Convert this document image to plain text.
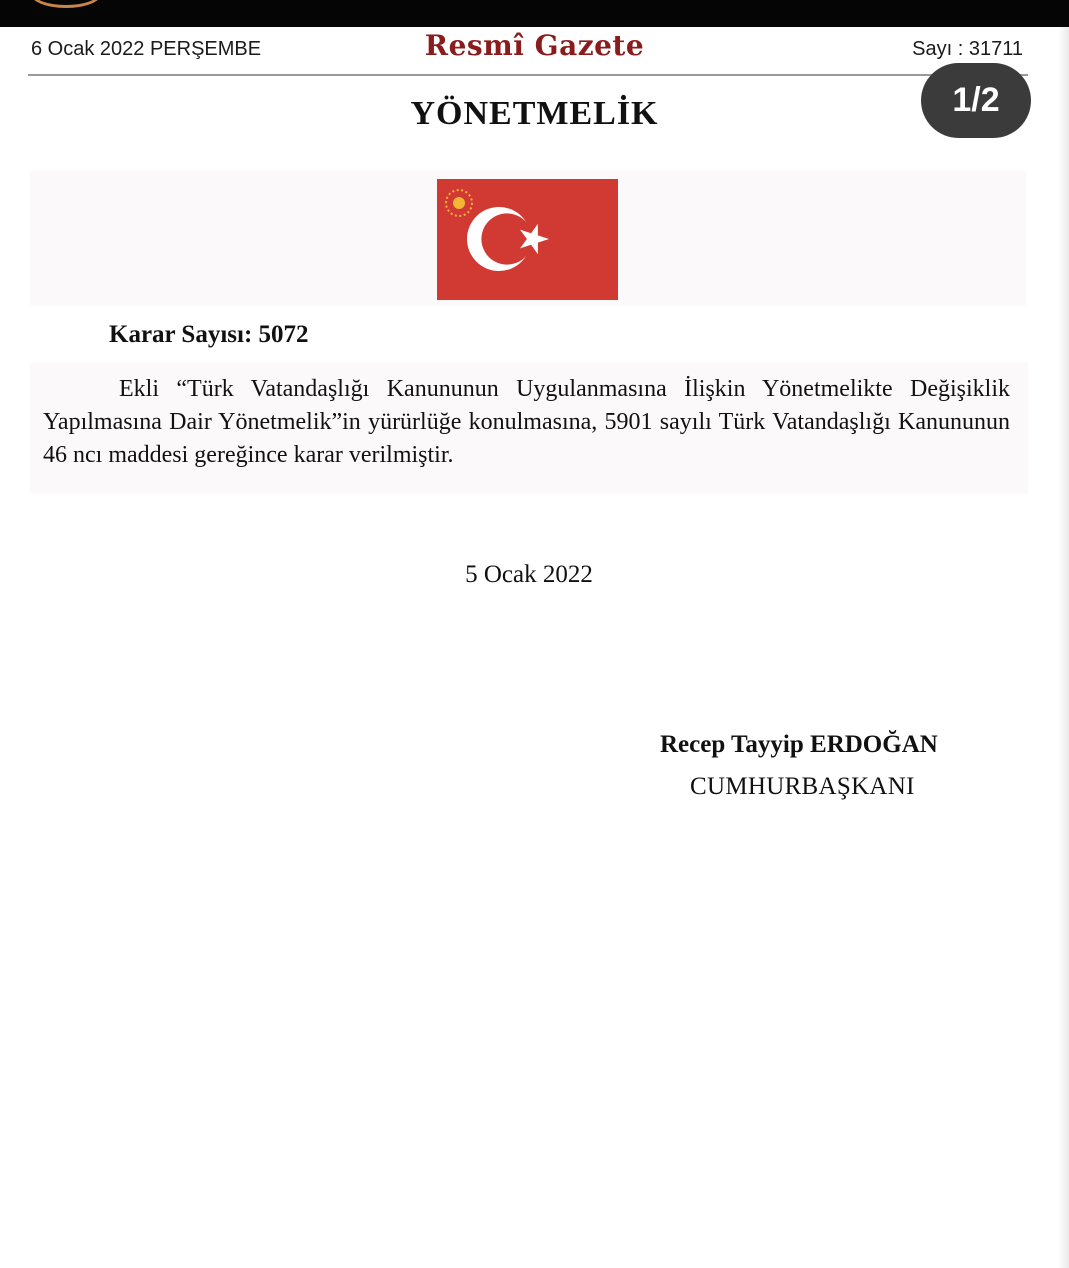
6 Ocak 2022 PERŞEMBE	Resmî Gazete	Sayı : 31711
YÖNETMELİK	1/2
Karar Sayısı: 5072
Ekli “Türk Vatandaşlığı Kanununun Uygulanmasına İlişkin Yönetmelikte Değişiklik Yapılmasına Dair Yönetmelik”in yürürlüğe konulmasına, 5901 sayılı Türk Vatandaşlığı Kanununun 46 ncı maddesi gereğince karar verilmiştir.
5 Ocak 2022
Recep Tayyip ERDOĞAN
CUMHURBAŞKANI
